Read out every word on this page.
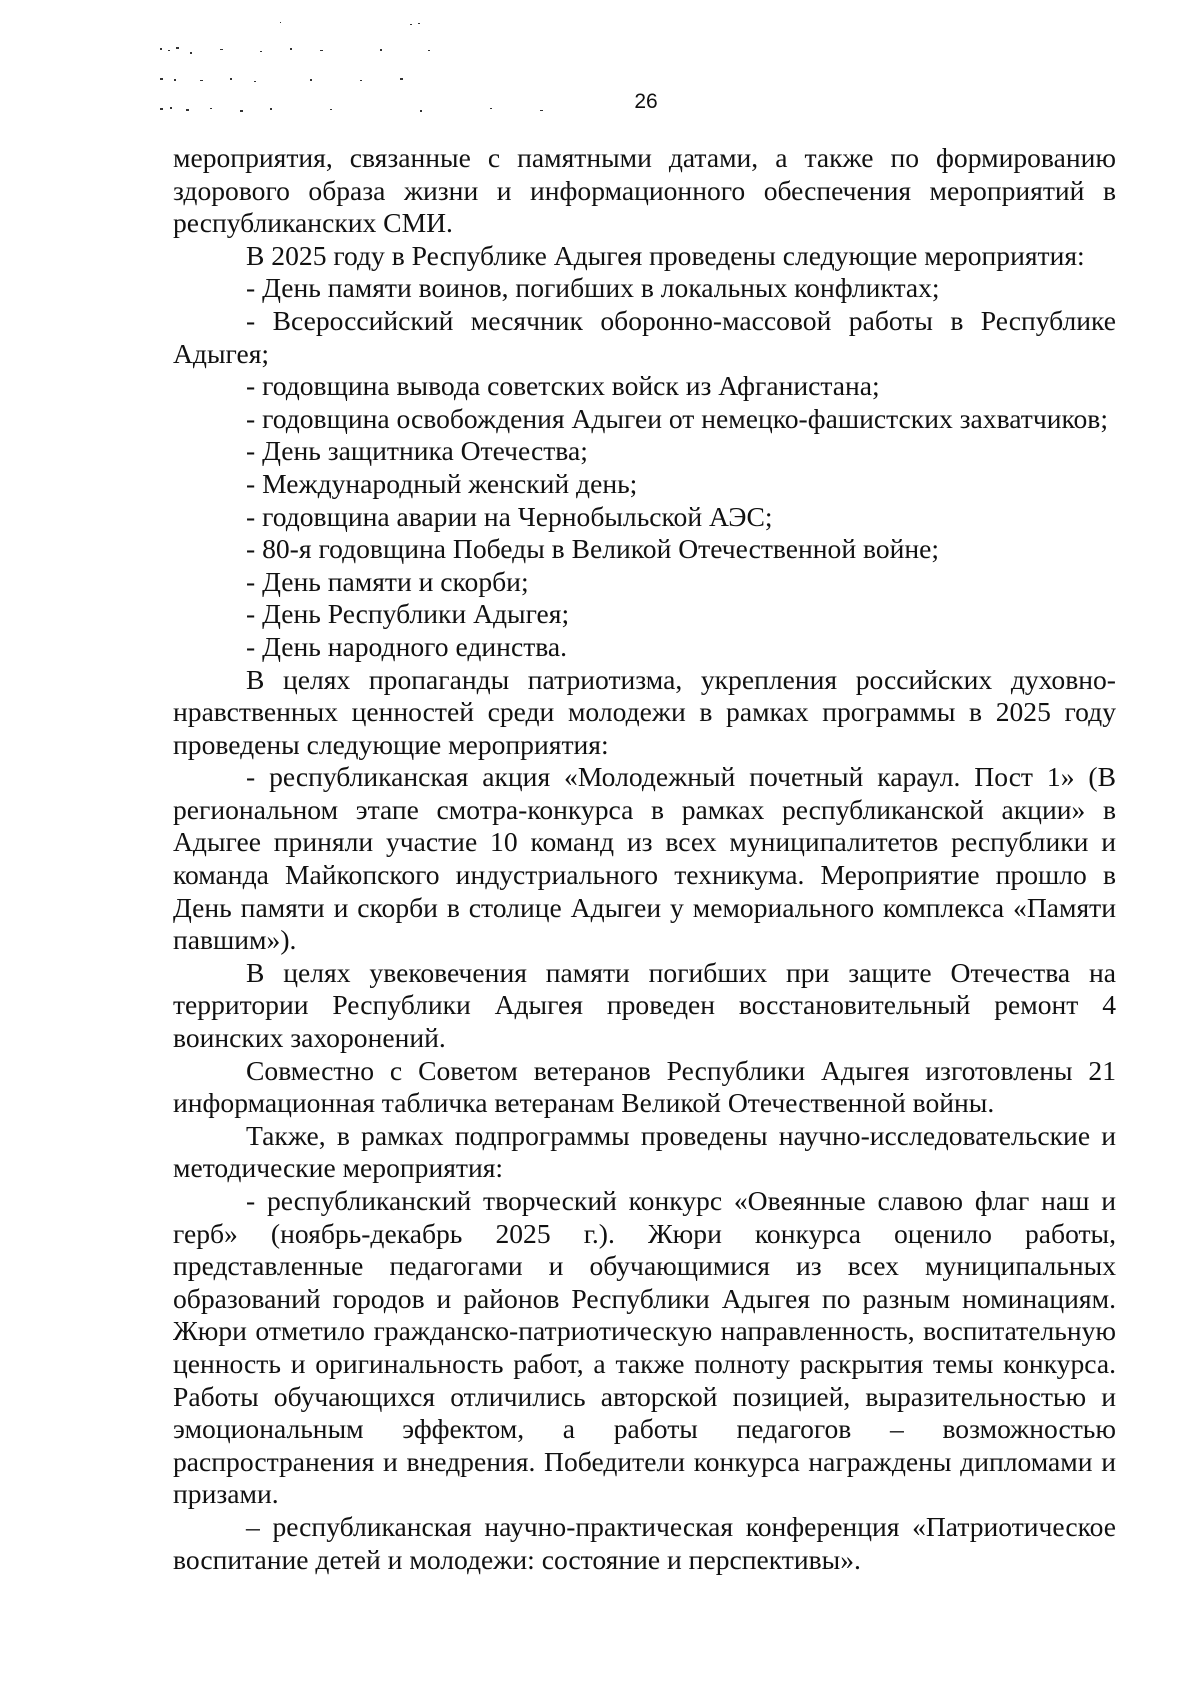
26

мероприятия, связанные с памятными датами, а также по формированию здорового образа жизни и информационного обеспечения мероприятий в республиканских СМИ.

В 2025 году в Республике Адыгея проведены следующие мероприятия:

- День памяти воинов, погибших в локальных конфликтах;

- Всероссийский месячник оборонно-массовой работы в Республике Адыгея;

- годовщина вывода советских войск из Афганистана;

- годовщина освобождения Адыгеи от немецко-фашистских захватчиков;

- День защитника Отечества;

- Международный женский день;

- годовщина аварии на Чернобыльской АЭС;

- 80-я годовщина Победы в Великой Отечественной войне;

- День памяти и скорби;

- День Республики Адыгея;

- День народного единства.

В целях пропаганды патриотизма, укрепления российских духовно-нравственных ценностей среди молодежи в рамках программы в 2025 году проведены следующие мероприятия:

- республиканская акция «Молодежный почетный караул. Пост 1» (В региональном этапе смотра-конкурса в рамках республиканской акции» в Адыгее приняли участие 10 команд из всех муниципалитетов республики и команда Майкопского индустриального техникума. Мероприятие прошло в День памяти и скорби в столице Адыгеи у мемориального комплекса «Памяти павшим»).

В целях увековечения памяти погибших при защите Отечества на территории Республики Адыгея проведен восстановительный ремонт 4 воинских захоронений.

Совместно с Советом ветеранов Республики Адыгея изготовлены 21 информационная табличка ветеранам Великой Отечественной войны.

Также, в рамках подпрограммы проведены научно-исследовательские и методические мероприятия:

- республиканский творческий конкурс «Овеянные славою флаг наш и герб» (ноябрь-декабрь 2025 г.). Жюри конкурса оценило работы, представленные педагогами и обучающимися из всех муниципальных образований городов и районов Республики Адыгея по разным номинациям. Жюри отметило гражданско-патриотическую направленность, воспитательную ценность и оригинальность работ, а также полноту раскрытия темы конкурса. Работы обучающихся отличились авторской позицией, выразительностью и эмоциональным эффектом, а работы педагогов – возможностью распространения и внедрения. Победители конкурса награждены дипломами и призами.

– республиканская научно-практическая конференция «Патриотическое воспитание детей и молодежи: состояние и перспективы».
